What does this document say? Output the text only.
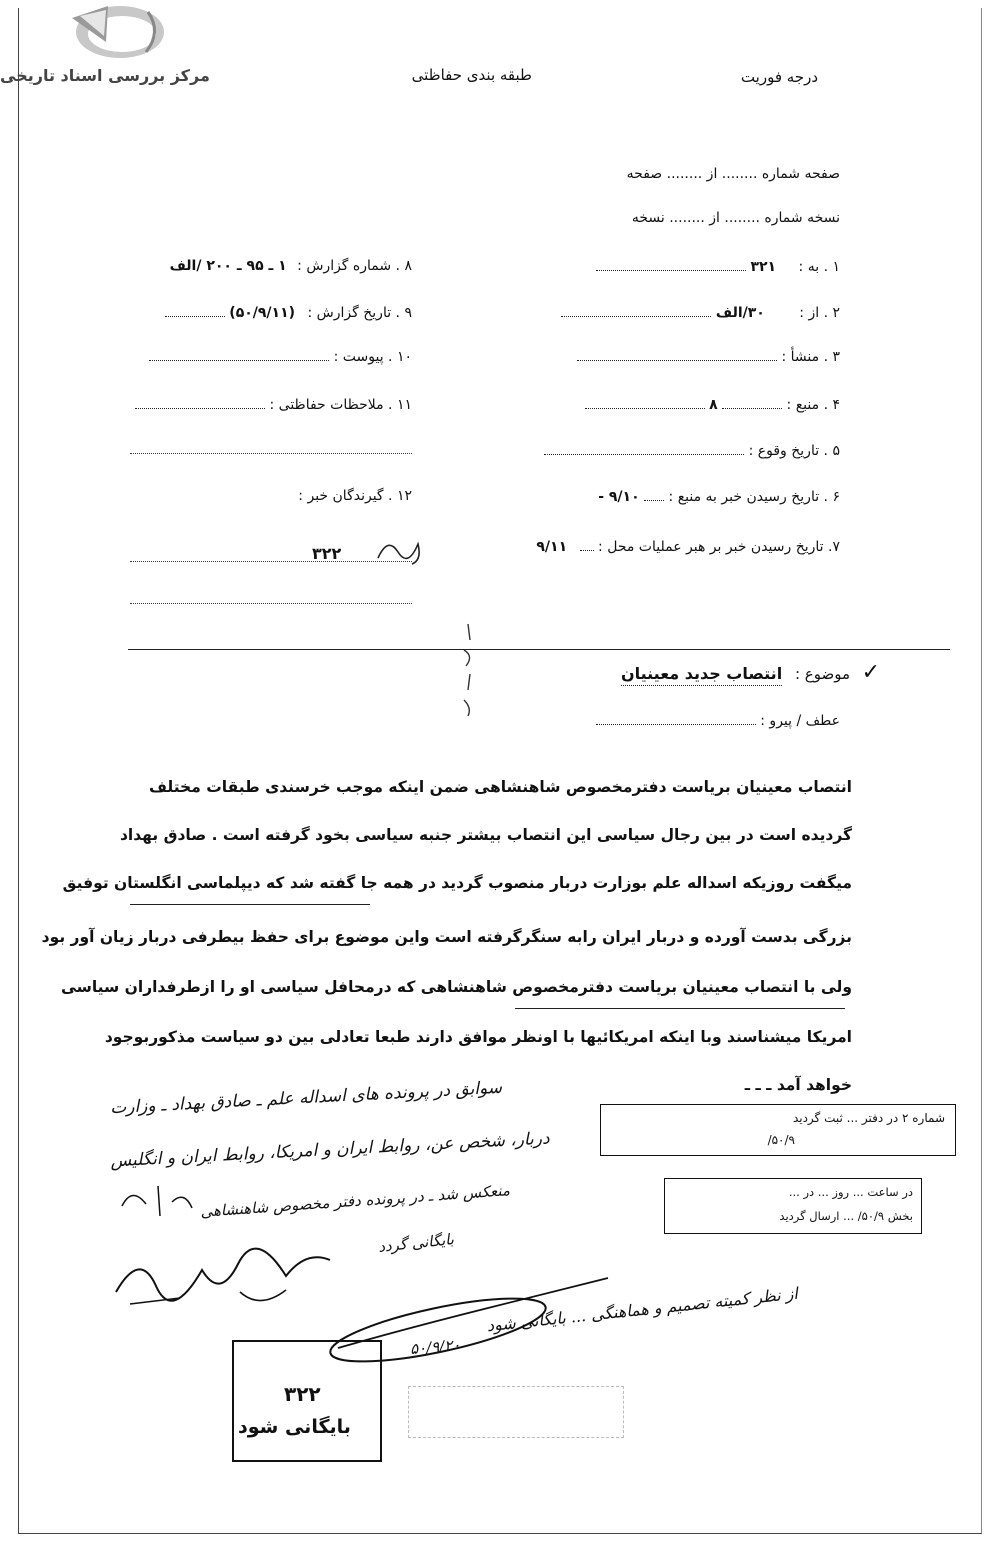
مرکز بررسی اسناد تاریخی	درجه فوریت
طبقه بندی حفاظتی
صفحه شماره ........ از ........ صفحه
نسخه شماره ........ از ........ نسخه
۱ . به : ۳۲۱
۲ . از : ۳۰/الف
۳ . منشأ :
۴ . منبع :  ۸
۵ . تاریخ وقوع :
۶ . تاریخ رسیدن خبر به منبع :  ۹/۱۰ -
۷. تاریخ رسیدن خبر بر هبر عملیات محل :  ۹/۱۱
۸ . شماره گزارش : ۱ ـ ۹۵ ـ ۲۰۰ /الف
۹ . تاریخ گزارش : (۵۰/۹/۱۱)
۱۰ . پیوست :
۱۱ . ملاحظات حفاظتی :
۱۲ . گیرندگان خبر :
۳۲۲
✓
موضوع : انتصاب جدید معینیان
عطف / پیرو :
انتصاب معینیان بریاست دفترمخصوص شاهنشاهی ضمن اینکه موجب خرسندی طبقات مختلف
گردیده است در بین رجال سیاسی این انتصاب بیشتر جنبه سیاسی بخود گرفته است . صادق بهداد
میگفت روزیکه اسداله علم بوزارت دربار منصوب گردید در همه جا گفته شد که دیپلماسی انگلستان توفیق
بزرگی بدست آورده و دربار ایران رابه سنگرگرفته است واین موضوع برای حفظ بیطرفی دربار زیان آور بود
ولی با انتصاب معینیان بریاست دفترمخصوص شاهنشاهی که درمحافل سیاسی او را ازطرفداران سیاسی
امریکا میشناسند وبا اینکه امریکائیها با اونظر موافق دارند طبعا تعادلی بین دو سیاست مذکوربوجود
خواهد آمد ـ ـ ـ
سوابق در پرونده های اسداله علم ـ صادق بهداد ـ وزارت
دربار، شخص عن، روابط ایران و امریکا، روابط ایران و انگلیس
منعکس شد ـ در پرونده دفتر مخصوص شاهنشاهی
بایگانی گردد
از نظر کمیته تصمیم و هماهنگی ... بایگانی شود
۵۰/۹/۲۰
شماره ۲ در دفتر ... ثبت گردید
۵۰/۹/
در ساعت ... روز ... در ...
بخش ۵۰/۹/ ... ارسال گردید
۳۲۲
بایگانی شود
